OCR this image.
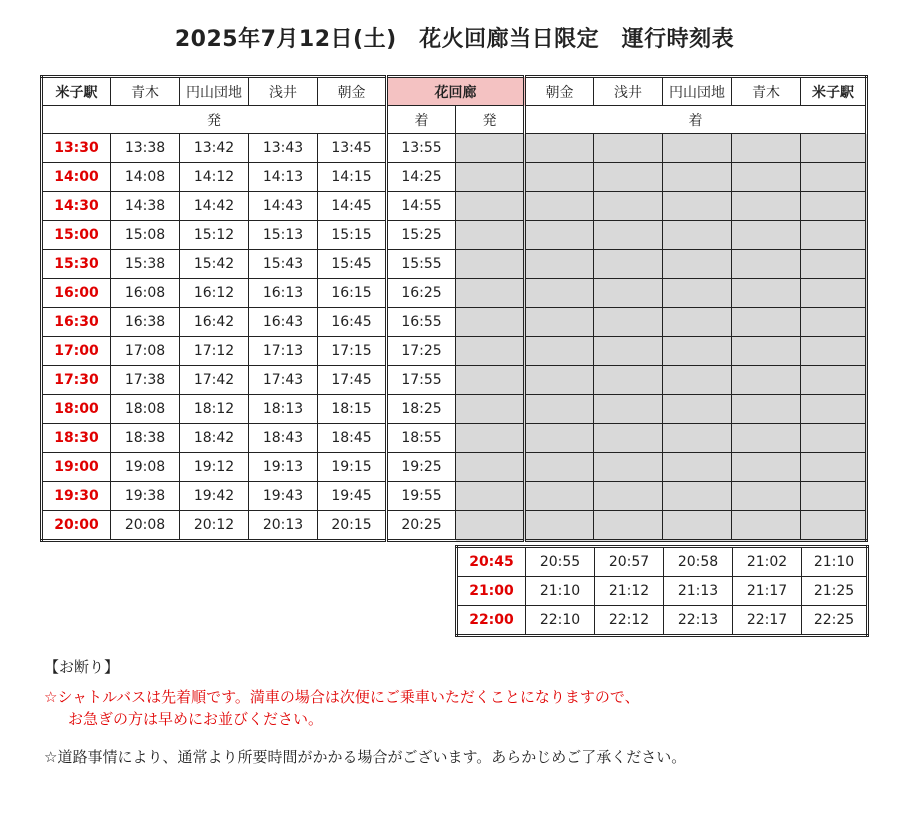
2025年7月12日(土)　花火回廊当日限定　運行時刻表
米子駅	青木	円山団地	浅井	朝金	花回廊		朝金	浅井	円山団地	青木	米子駅
発					着	発	着				
13:30	13:38	13:42	13:43	13:45	13:55						
14:00	14:08	14:12	14:13	14:15	14:25						
14:30	14:38	14:42	14:43	14:45	14:55						
15:00	15:08	15:12	15:13	15:15	15:25						
15:30	15:38	15:42	15:43	15:45	15:55						
16:00	16:08	16:12	16:13	16:15	16:25						
16:30	16:38	16:42	16:43	16:45	16:55						
17:00	17:08	17:12	17:13	17:15	17:25						
17:30	17:38	17:42	17:43	17:45	17:55						
18:00	18:08	18:12	18:13	18:15	18:25						
18:30	18:38	18:42	18:43	18:45	18:55						
19:00	19:08	19:12	19:13	19:15	19:25						
19:30	19:38	19:42	19:43	19:45	19:55						
20:00	20:08	20:12	20:13	20:15	20:25						
20:45	20:55	20:57	20:58	21:02	21:10
21:00	21:10	21:12	21:13	21:17	21:25
22:00	22:10	22:12	22:13	22:17	22:25
【お断り】
☆シャトルバスは先着順です。満車の場合は次便にご乗車いただくことになりますので、
お急ぎの方は早めにお並びください。
☆道路事情により、通常より所要時間がかかる場合がございます。あらかじめご了承ください。
